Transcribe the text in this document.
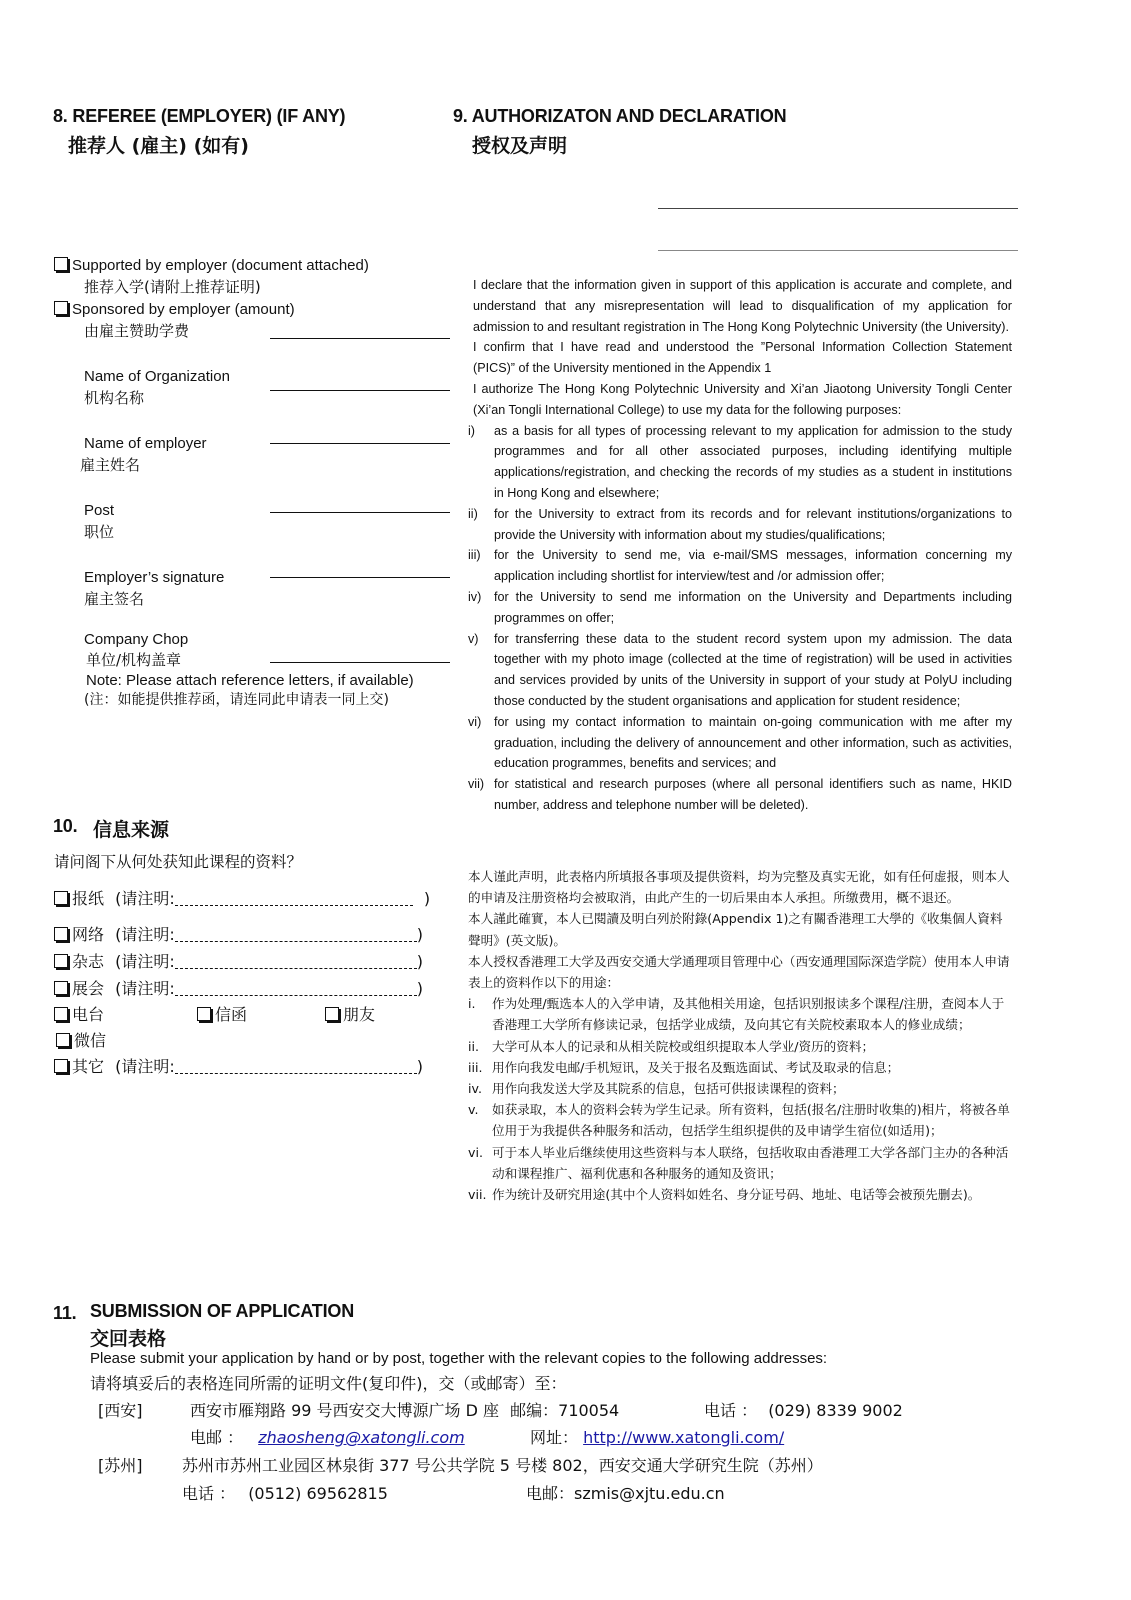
8. REFEREE (EMPLOYER) (IF ANY)
推荐人 (雇主) (如有)
Supported by employer (document attached)
推荐入学(请附上推荐证明)
Sponsored by employer (amount)
由雇主赞助学费
Name of Organization
机构名称
Name of employer
雇主姓名
Post
职位
Employer’s signature
雇主签名
Company Chop
单位/机构盖章
Note: Please attach reference letters, if available)
(注：如能提供推荐函，请连同此申请表一同上交)
9. AUTHORIZATON AND DECLARATION
授权及声明

I declare that the information given in support of this application is accurate and complete, and understand that any misrepresentation will lead to disqualification of my application for admission to and resultant registration in The Hong Kong Polytechnic University (the University).

I confirm that I have read and understood the ”Personal Information Collection Statement (PICS)” of the University mentioned in the Appendix 1

I authorize The Hong Kong Polytechnic University and Xi’an Jiaotong University Tongli Center (Xi’an Tongli International College) to use my data for the following purposes:

i) as a basis for all types of processing relevant to my application for admission to the study programmes and for all other associated purposes, including identifying multiple applications/registration, and checking the records of my studies as a student in institutions in Hong Kong and elsewhere;
ii) for the University to extract from its records and for relevant institutions/organizations to provide the University with information about my studies/qualifications;
iii) for the University to send me, via e-mail/SMS messages, information concerning my application including shortlist for interview/test and /or admission offer;
iv) for the University to send me information on the University and Departments including programmes on offer;
v) for transferring these data to the student record system upon my admission. The data together with my photo image (collected at the time of registration) will be used in activities and services provided by units of the University in support of your study at PolyU including those conducted by the student organisations and application for student residence;
vi) for using my contact information to maintain on-going communication with me after my graduation, including the delivery of announcement and other information, such as activities, education programmes, benefits and services; and
vii) for statistical and research purposes (where all personal identifiers such as name, HKID number, address and telephone number will be deleted).

本人谨此声明，此表格内所填报各事项及提供资料，均为完整及真实无讹，如有任何虚报，则本人的申请及注册资格均会被取消，由此产生的一切后果由本人承担。所缴费用，概不退还。

本人謹此確實，本人已閱讀及明白列於附錄(Appendix 1)之有關香港理工大學的《收集個人資料聲明》(英文版)。

本人授权香港理工大学及西安交通大学通理项目管理中心（西安通理国际深造学院）使用本人申请表上的资料作以下的用途：

i. 作为处理/甄选本人的入学申请，及其他相关用途，包括识别报读多个课程/注册，查阅本人于香港理工大学所有修读记录，包括学业成绩，及向其它有关院校素取本人的修业成绩；
ii. 大学可从本人的记录和从相关院校或组织提取本人学业/资历的资料；
iii. 用作向我发电邮/手机短讯，及关于报名及甄选面试、考试及取录的信息；
iv. 用作向我发送大学及其院系的信息，包括可供报读课程的资料；
v. 如获录取，本人的资料会转为学生记录。所有资料，包括(报名/注册时收集的)相片，将被各单位用于为我提供各种服务和活动，包括学生组织提供的及申请学生宿位(如适用)；
vi. 可于本人毕业后继续使用这些资料与本人联络，包括收取由香港理工大学各部门主办的各种活动和课程推广、福利优惠和各种服务的通知及资讯；
vii. 作为统计及研究用途(其中个人资料如姓名、身分证号码、地址、电话等会被预先删去)。
10. 信息来源
请问阁下从何处获知此课程的资料？
报纸 (请注明:	)
网络 (请注明:	)
杂志 (请注明:	)
展会 (请注明:	)
电台	信函	朋友
微信
其它 (请注明:	)
11. SUBMISSION OF APPLICATION
交回表格
Please submit your application by hand or by post, together with the relevant copies to the following addresses:
请将填妥后的表格连同所需的证明文件(复印件)，交（或邮寄）至：
[西安]	西安市雁翔路 99 号西安交大博源广场 D 座 邮编：710054	电话 ： (029) 8339 9002
电邮 ： zhaosheng@xatongli.com	网址： http://www.xatongli.com/
[苏州] 苏州市苏州工业园区林泉街 377 号公共学院 5 号楼 802，西安交通大学研究生院（苏州）
电话 ： (0512) 69562815	电邮：szmis@xjtu.edu.cn
